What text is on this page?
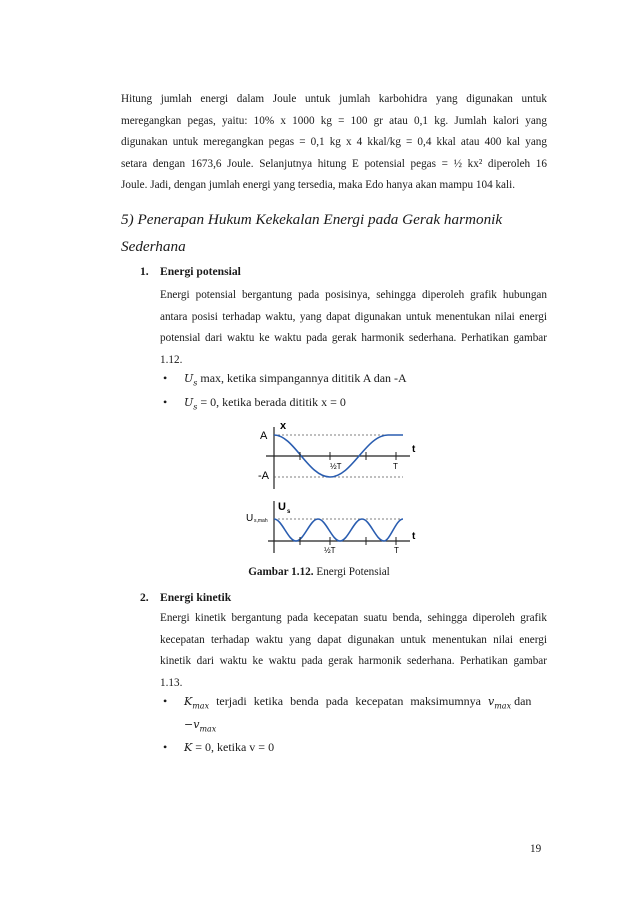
Hitung jumlah energi dalam Joule untuk jumlah karbohidra yang digunakan untuk
meregangkan pegas, yaitu: 10% x 1000 kg = 100 gr atau 0,1 kg. Jumlah kalori yang
digunakan untuk meregangkan pegas = 0,1 kg x 4 kkal/kg = 0,4 kkal atau 400 kal yang
setara dengan 1673,6 Joule. Selanjutnya hitung E potensial pegas = ½ kx² diperoleh 16
Joule. Jadi, dengan jumlah energi yang tersedia, maka Edo hanya akan mampu 104 kali.
5) Penerapan Hukum Kekekalan Energi pada Gerak harmonik
Sederhana
1. Energi potensial
Energi potensial bergantung pada posisinya, sehingga diperoleh grafik hubungan
antara posisi terhadap waktu, yang dapat digunakan untuk menentukan nilai energi
potensial dari waktu ke waktu pada gerak harmonik sederhana. Perhatikan gambar
1.12.
• $U_s$ max, ketika simpangannya dititik A dan -A
• $U_s = 0$, ketika berada dititik x = 0
x
t
A
-A
½T	T
U s
U s,mah
t
½T	T
Gambar 1.12. Energi Potensial
2. Energi kinetik
Energi kinetik bergantung pada kecepatan suatu benda, sehingga diperoleh grafik
kecepatan terhadap waktu yang dapat digunakan untuk menentukan nilai energi
kinetik dari waktu ke waktu pada gerak harmonik sederhana. Perhatikan gambar
1.13.
• $K_{max}$ terjadi ketika benda pada kecepatan maksimumnya $v_{max}$ dan
$-v_{max}$
• K = 0, ketika v = 0
19
